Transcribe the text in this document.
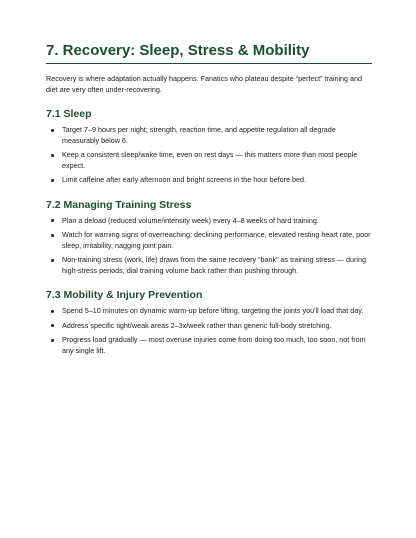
7. Recovery: Sleep, Stress & Mobility

Recovery is where adaptation actually happens. Fanatics who plateau despite “perfect” training and diet are very often under-recovering.

7.1 Sleep
Target 7–9 hours per night; strength, reaction time, and appetite regulation all degrade measurably below 6.
Keep a consistent sleep/wake time, even on rest days — this matters more than most people expect.
Limit caffeine after early afternoon and bright screens in the hour before bed.
7.2 Managing Training Stress
Plan a deload (reduced volume/intensity week) every 4–8 weeks of hard training.
Watch for warning signs of overreaching: declining performance, elevated resting heart rate, poor sleep, irritability, nagging joint pain.
Non-training stress (work, life) draws from the same recovery “bank” as training stress — during high-stress periods, dial training volume back rather than pushing through.
7.3 Mobility & Injury Prevention
Spend 5–10 minutes on dynamic warm-up before lifting, targeting the joints you'll load that day.
Address specific tight/weak areas 2–3x/week rather than generic full-body stretching.
Progress load gradually — most overuse injuries come from doing too much, too soon, not from any single lift.
